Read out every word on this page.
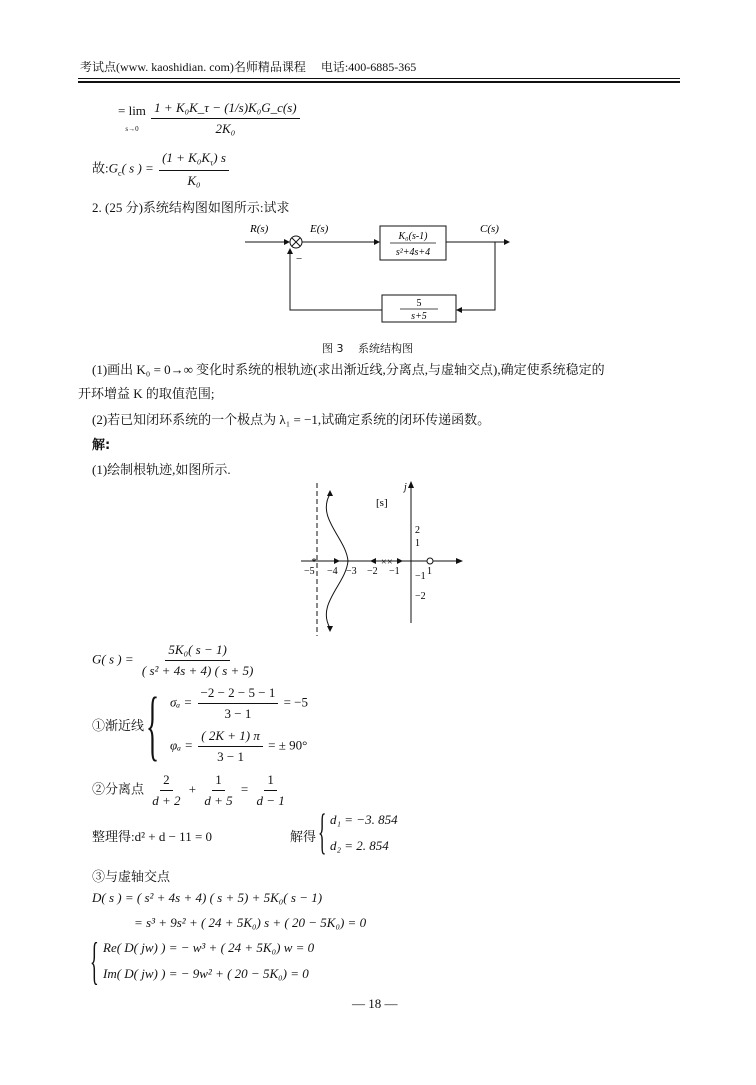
考试点(www. kaoshidian. com)名师精品课程　 电话:400-6885-365
= lim
$s\to 0 \frac{\text{1 + K₀K\_τ − (1/s)K₀G\_c(s)}}{\text{2K₀}}$
故$:G_c$( s ) = $\frac{(1 + K_0K_\tau) s}{\text{K₀}}$
2. (25 分)系统结构图如图所示:试求
R(s)	E(s)	C(s)
K₀(s-1)
s²+4s+4
5
s+5
−
图 3　 系统结构图
(1)画出 K₀ = 0→∞ 变化时系统的根轨迹(求出渐近线,分离点,与虚轴交点),确定使系统稳定的
开环增益 K 的取值范围;
(2)若已知闭环系统的一个极点为 λ₁ = −1,试确定系统的闭环传递函数。
解:
(1)绘制根轨迹,如图所示.
j
[s]
*	× ×
−5 −4 −3 −2 −1	1
2
1
−1
−2
G( s ) = $\frac{\text{5K₀( s − 1)}}{\text{( s² + 4s + 4) ( s + 5)}}$
①渐近线 { $\sigma_a = \frac{-2 - 2 - 5 - 1}{3 - 1} = -5$
$\varphi_a = \frac{( 2K + 1) \pi}{3 - 1}$ = ± 90°
②分离点 $\frac{2}{d + 2} + \frac{1}{d + 5} = \frac{1}{d - 1}$
整理得:d² + d − 11 = 0	解得 { d₁ = −3. 854
d₂ = 2. 854
③与虚轴交点
D( s ) = ( s² + 4s + 4) ( s + 5) + 5K₀( s − 1)
= s³ + 9s² + ( 24 + 5K₀) s + ( 20 − 5K₀) = 0
{ Re( D( jw) ) = − w³ + ( 24 + 5K₀) w = 0
Im( D( jw) ) = − 9w² + ( 20 − 5K₀) = 0
— 18 —
